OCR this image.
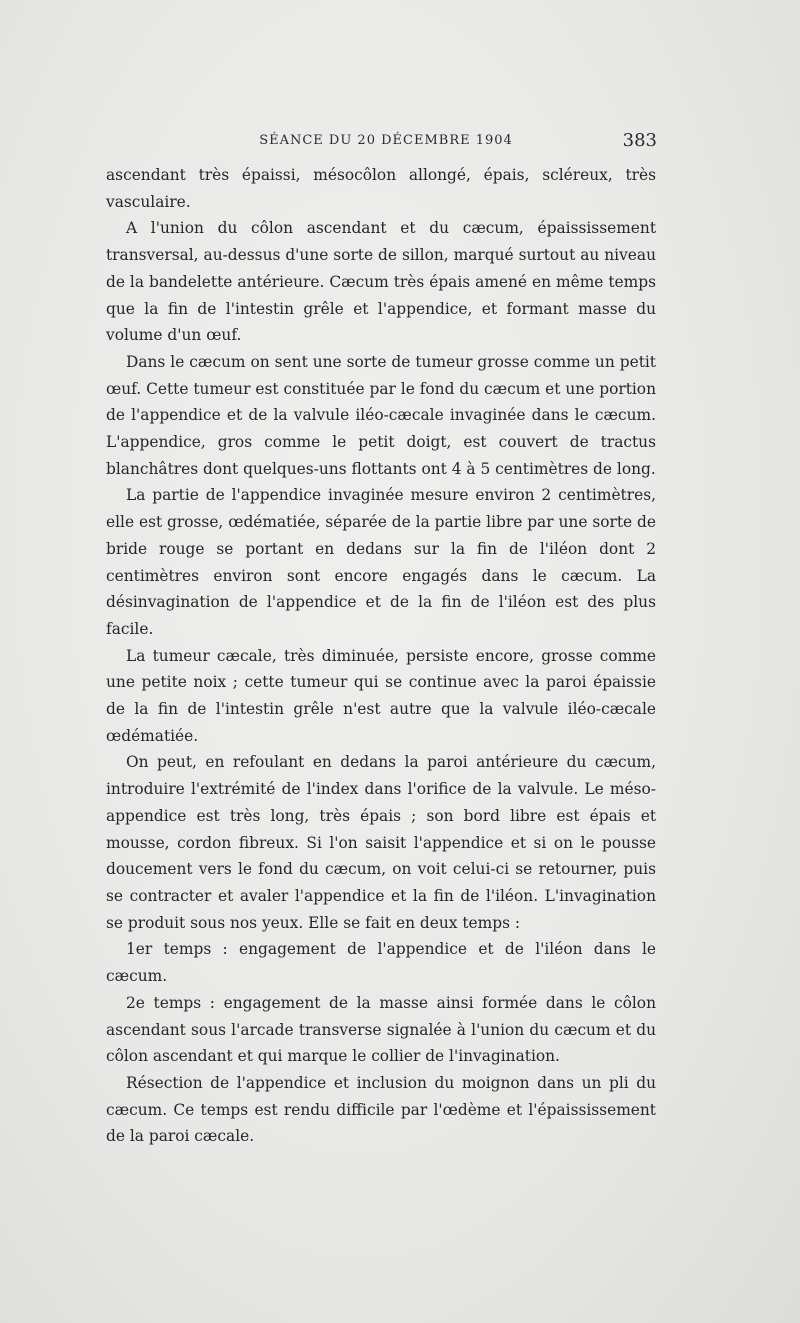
SÉANCE DU 20 DÉCEMBRE 1904	383

ascendant très épaissi, mésocôlon allongé, épais, scléreux, très vasculaire.

A l'union du côlon ascendant et du cæcum, épaississement transversal, au-dessus d'une sorte de sillon, marqué surtout au niveau de la bandelette antérieure. Cæcum très épais amené en même temps que la fin de l'intestin grêle et l'appendice, et formant masse du volume d'un œuf.

Dans le cæcum on sent une sorte de tumeur grosse comme un petit œuf. Cette tumeur est constituée par le fond du cæcum et une portion de l'appendice et de la valvule iléo-cæcale invaginée dans le cæcum. L'appendice, gros comme le petit doigt, est couvert de tractus blanchâtres dont quelques-uns flottants ont 4 à 5 centimètres de long.

La partie de l'appendice invaginée mesure environ 2 centimètres, elle est grosse, œdématiée, séparée de la partie libre par une sorte de bride rouge se portant en dedans sur la fin de l'iléon dont 2 centimètres environ sont encore engagés dans le cæcum. La désinvagination de l'appendice et de la fin de l'iléon est des plus facile.

La tumeur cæcale, très diminuée, persiste encore, grosse comme une petite noix ; cette tumeur qui se continue avec la paroi épaissie de la fin de l'intestin grêle n'est autre que la valvule iléo-cæcale œdématiée.

On peut, en refoulant en dedans la paroi antérieure du cæcum, introduire l'extrémité de l'index dans l'orifice de la valvule. Le méso-appendice est très long, très épais ; son bord libre est épais et mousse, cordon fibreux. Si l'on saisit l'appendice et si on le pousse doucement vers le fond du cæcum, on voit celui-ci se retourner, puis se contracter et avaler l'appendice et la fin de l'iléon. L'invagination se produit sous nos yeux. Elle se fait en deux temps :

1er temps : engagement de l'appendice et de l'iléon dans le cæcum.

2e temps : engagement de la masse ainsi formée dans le côlon ascendant sous l'arcade transverse signalée à l'union du cæcum et du côlon ascendant et qui marque le collier de l'invagination.

Résection de l'appendice et inclusion du moignon dans un pli du cæcum. Ce temps est rendu difficile par l'œdème et l'épaississement de la paroi cæcale.
